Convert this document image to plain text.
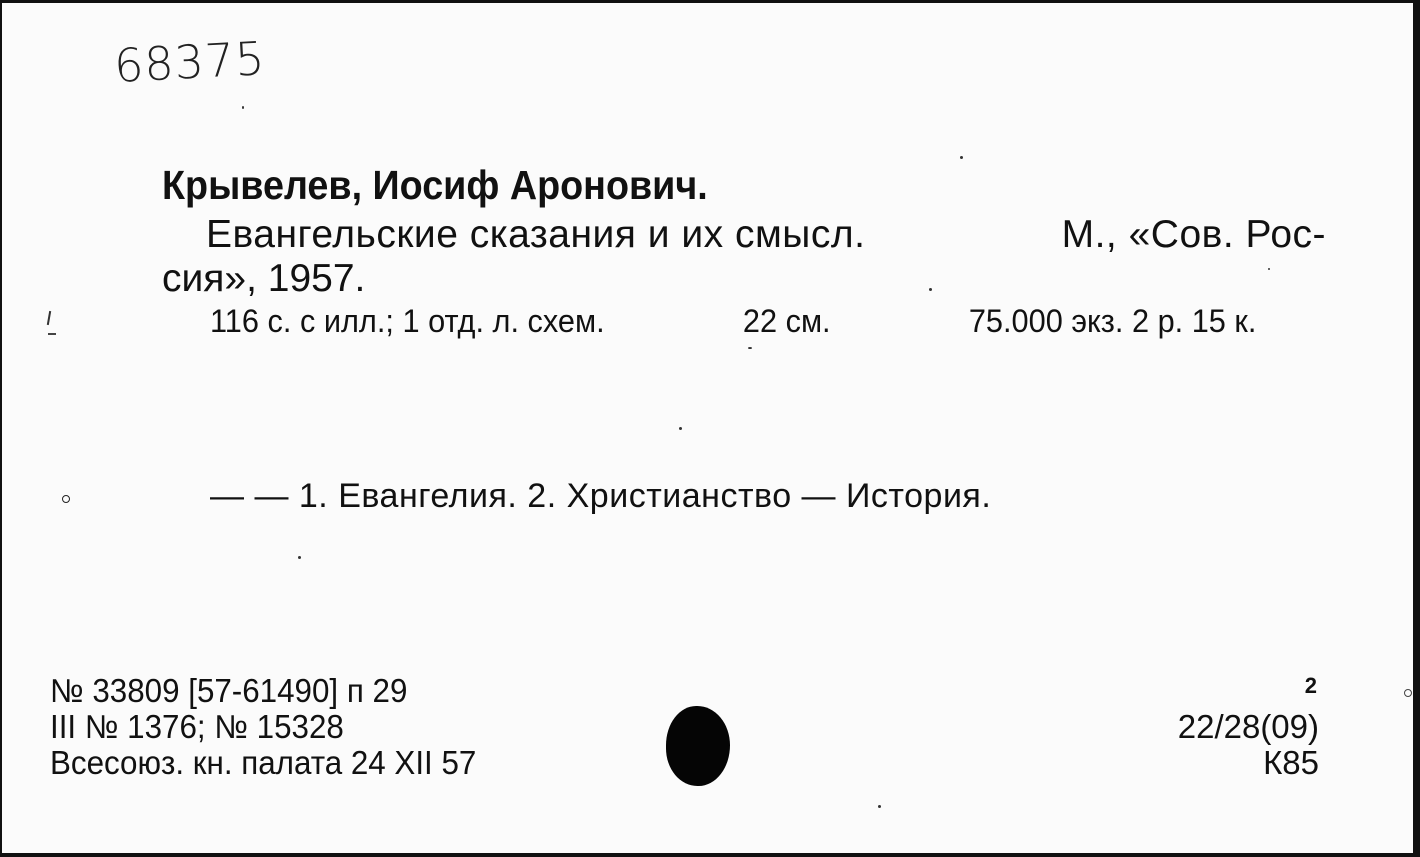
68375
Крывелев, Иосиф Аронович.
Евангельские сказания и их смысл.	М., «Сов. Рос-
сия», 1957.
116 с. с илл.; 1 отд. л. схем.	22 см.	75.000 экз. 2 р. 15 к.
— — 1. Евангелия. 2. Христианство — История.
№ 33809 [57-61490] п 29
III № 1376; № 15328
Всесоюз. кн. палата 24 XII 57
2
22/28(09)
К85
